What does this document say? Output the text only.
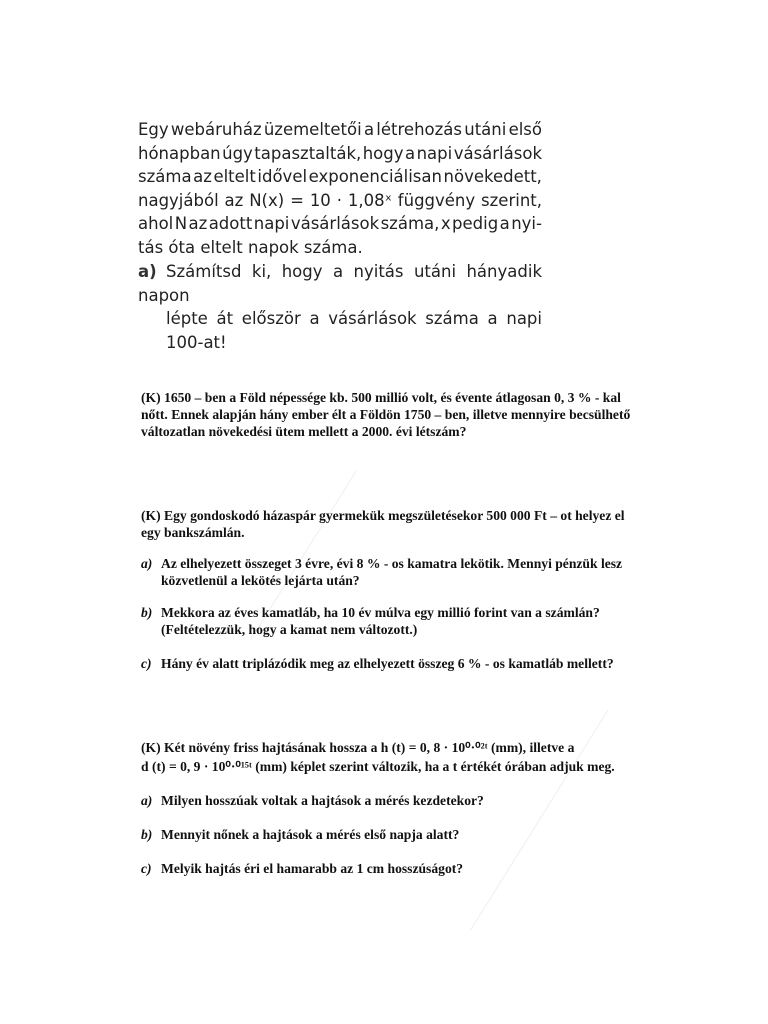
Egy webáruház üzemeltetői a létrehozás utáni első
hónapban úgy tapasztalták, hogy a napi vásárlások
száma az eltelt idővel exponenciálisan növekedett,
nagyjából az N(x) = 10 · 1,08ˣ függvény szerint,
ahol N az adott napi vásárlások száma, x pedig a nyi-
tás óta eltelt napok száma.
a) Számítsd ki, hogy a nyitás utáni hányadik napon
lépte át először a vásárlások száma a napi 100-at!
(K) 1650 – ben a Föld népessége kb. 500 millió volt, és évente átlagosan 0, 3 % - kal
nőtt. Ennek alapján hány ember élt a Földön 1750 – ben, illetve mennyire becsülhető
változatlan növekedési ütem mellett a 2000. évi létszám?
(K) Egy gondoskodó házaspár gyermekük megszületésekor 500 000 Ft – ot helyez el
egy bankszámlán.
a) Az elhelyezett összeget 3 évre, évi 8 % - os kamatra lekötik. Mennyi pénzük lesz
közvetlenül a lekötés lejárta után?
b) Mekkora az éves kamatláb, ha 10 év múlva egy millió forint van a számlán?
(Feltételezzük, hogy a kamat nem változott.)
c) Hány év alatt triplázódik meg az elhelyezett összeg 6 % - os kamatláb mellett?
(K) Két növény friss hajtásának hossza a h (t) = 0, 8 · 10⁰·⁰²ᵗ (mm), illetve a
d (t) = 0, 9 · 10⁰·⁰¹⁵ᵗ (mm) képlet szerint változik, ha a t értékét órában adjuk meg.
a) Milyen hosszúak voltak a hajtások a mérés kezdetekor?
b) Mennyit nőnek a hajtások a mérés első napja alatt?
c) Melyik hajtás éri el hamarabb az 1 cm hosszúságot?
